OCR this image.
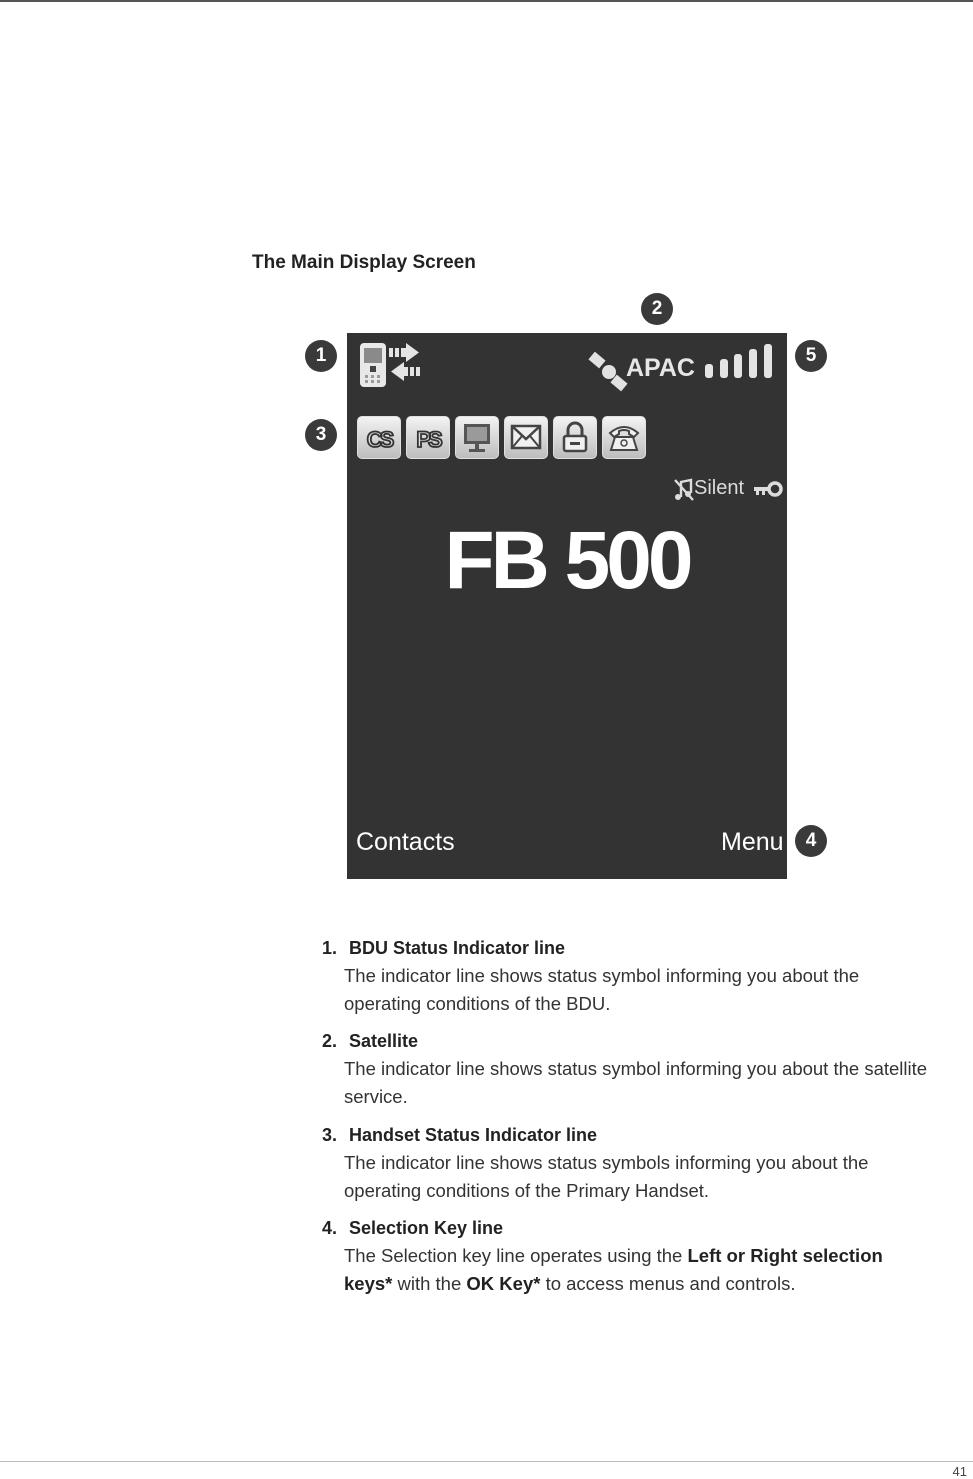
The Main Display Screen
2
1	5
3
4
APAC
CS PS
Silent
FB 500
Contacts	Menu
1. BDU Status Indicator line
The indicator line shows status symbol informing you about the operating conditions of the BDU.
2. Satellite
The indicator line shows status symbol informing you about the satellite service.
3. Handset Status Indicator line
The indicator line shows status symbols informing you about the operating conditions of the Primary Handset.
4. Selection Key line
The Selection key line operates using the Left or Right selection keys* with the OK Key* to access menus and controls.
41
